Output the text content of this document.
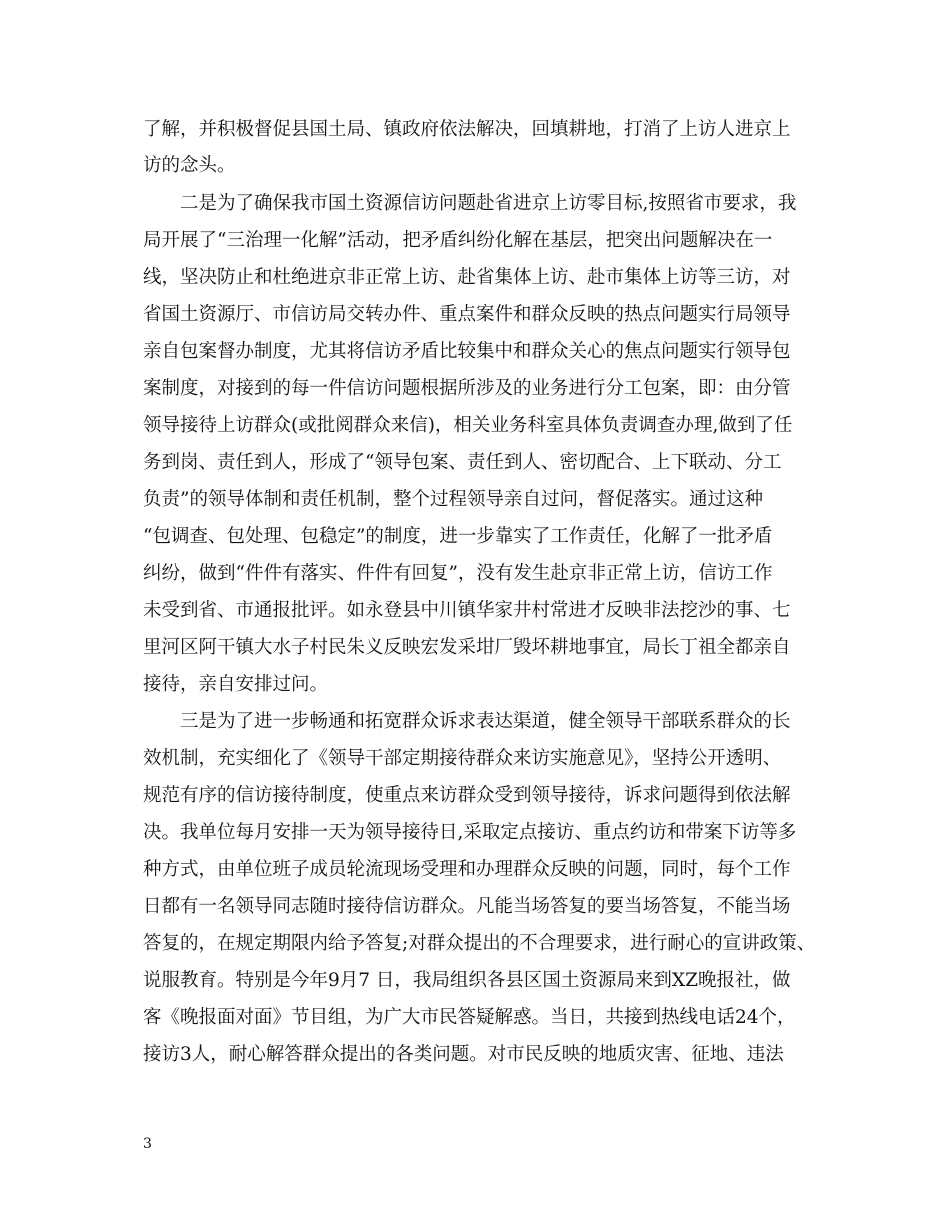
了解，并积极督促县国土局、镇政府依法解决，回填耕地，打消了上访人进京上
访的念头。
二是为了确保我市国土资源信访问题赴省进京上访零目标,按照省市要求，我
局开展了“三治理一化解”活动，把矛盾纠纷化解在基层，把突出问题解决在一
线，坚决防止和杜绝进京非正常上访、赴省集体上访、赴市集体上访等三访，对
省国土资源厅、市信访局交转办件、重点案件和群众反映的热点问题实行局领导
亲自包案督办制度，尤其将信访矛盾比较集中和群众关心的焦点问题实行领导包
案制度，对接到的每一件信访问题根据所涉及的业务进行分工包案，即：由分管
领导接待上访群众(或批阅群众来信)，相关业务科室具体负责调查办理,做到了任
务到岗、责任到人，形成了“领导包案、责任到人、密切配合、上下联动、分工
负责”的领导体制和责任机制，整个过程领导亲自过问，督促落实。通过这种
“包调查、包处理、包稳定”的制度，进一步靠实了工作责任，化解了一批矛盾
纠纷，做到“件件有落实、件件有回复”，没有发生赴京非正常上访，信访工作
未受到省、市通报批评。如永登县中川镇华家井村常进才反映非法挖沙的事、七
里河区阿干镇大水子村民朱义反映宏发采坩厂毁坏耕地事宜，局长丁祖全都亲自
接待，亲自安排过问。
三是为了进一步畅通和拓宽群众诉求表达渠道，健全领导干部联系群众的长
效机制，充实细化了《领导干部定期接待群众来访实施意见》，坚持公开透明、
规范有序的信访接待制度，使重点来访群众受到领导接待，诉求问题得到依法解
决。我单位每月安排一天为领导接待日,采取定点接访、重点约访和带案下访等多
种方式，由单位班子成员轮流现场受理和办理群众反映的问题，同时，每个工作
日都有一名领导同志随时接待信访群众。凡能当场答复的要当场答复，不能当场
答复的，在规定期限内给予答复;对群众提出的不合理要求，进行耐心的宣讲政策、
说服教育。特别是今年9月7 日，我局组织各县区国土资源局来到XZ晚报社，做
客《晚报面对面》节目组，为广大市民答疑解惑。当日，共接到热线电话24个，
接访3人，耐心解答群众提出的各类问题。对市民反映的地质灾害、征地、违法
3
